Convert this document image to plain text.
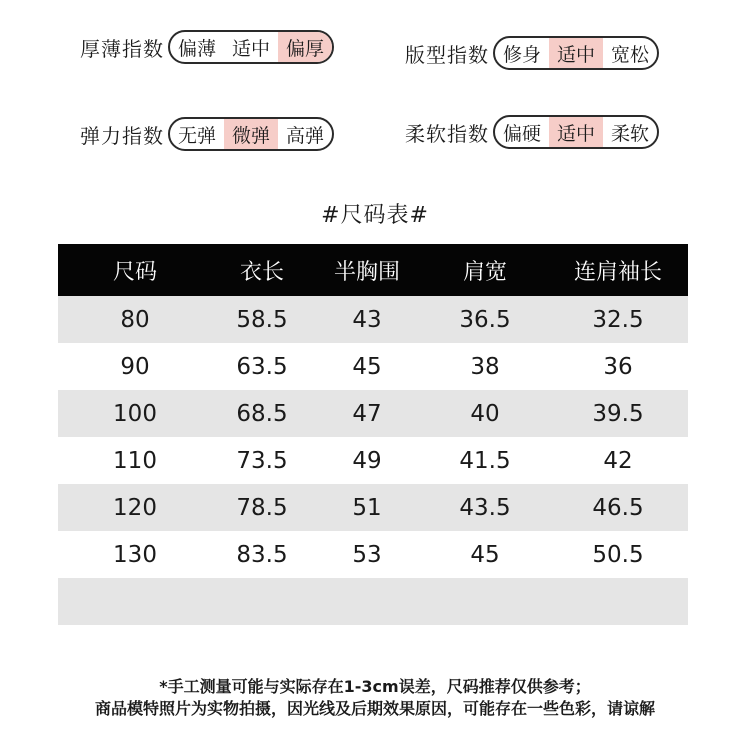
厚薄指数 偏薄 适中 偏厚	版型指数 修身 适中 宽松
弹力指数 无弹 微弹 高弹	柔软指数 偏硬 适中 柔软
#尺码表#
尺码	衣长	半胸围	肩宽	连肩袖长
80	58.5	43	36.5	32.5
90	63.5	45	38	36
100	68.5	47	40	39.5
110	73.5	49	41.5	42
120	78.5	51	43.5	46.5
130	83.5	53	45	50.5
*手工测量可能与实际存在1-3cm误差，尺码推荐仅供参考；
商品模特照片为实物拍摄，因光线及后期效果原因，可能存在一些色彩，请谅解
